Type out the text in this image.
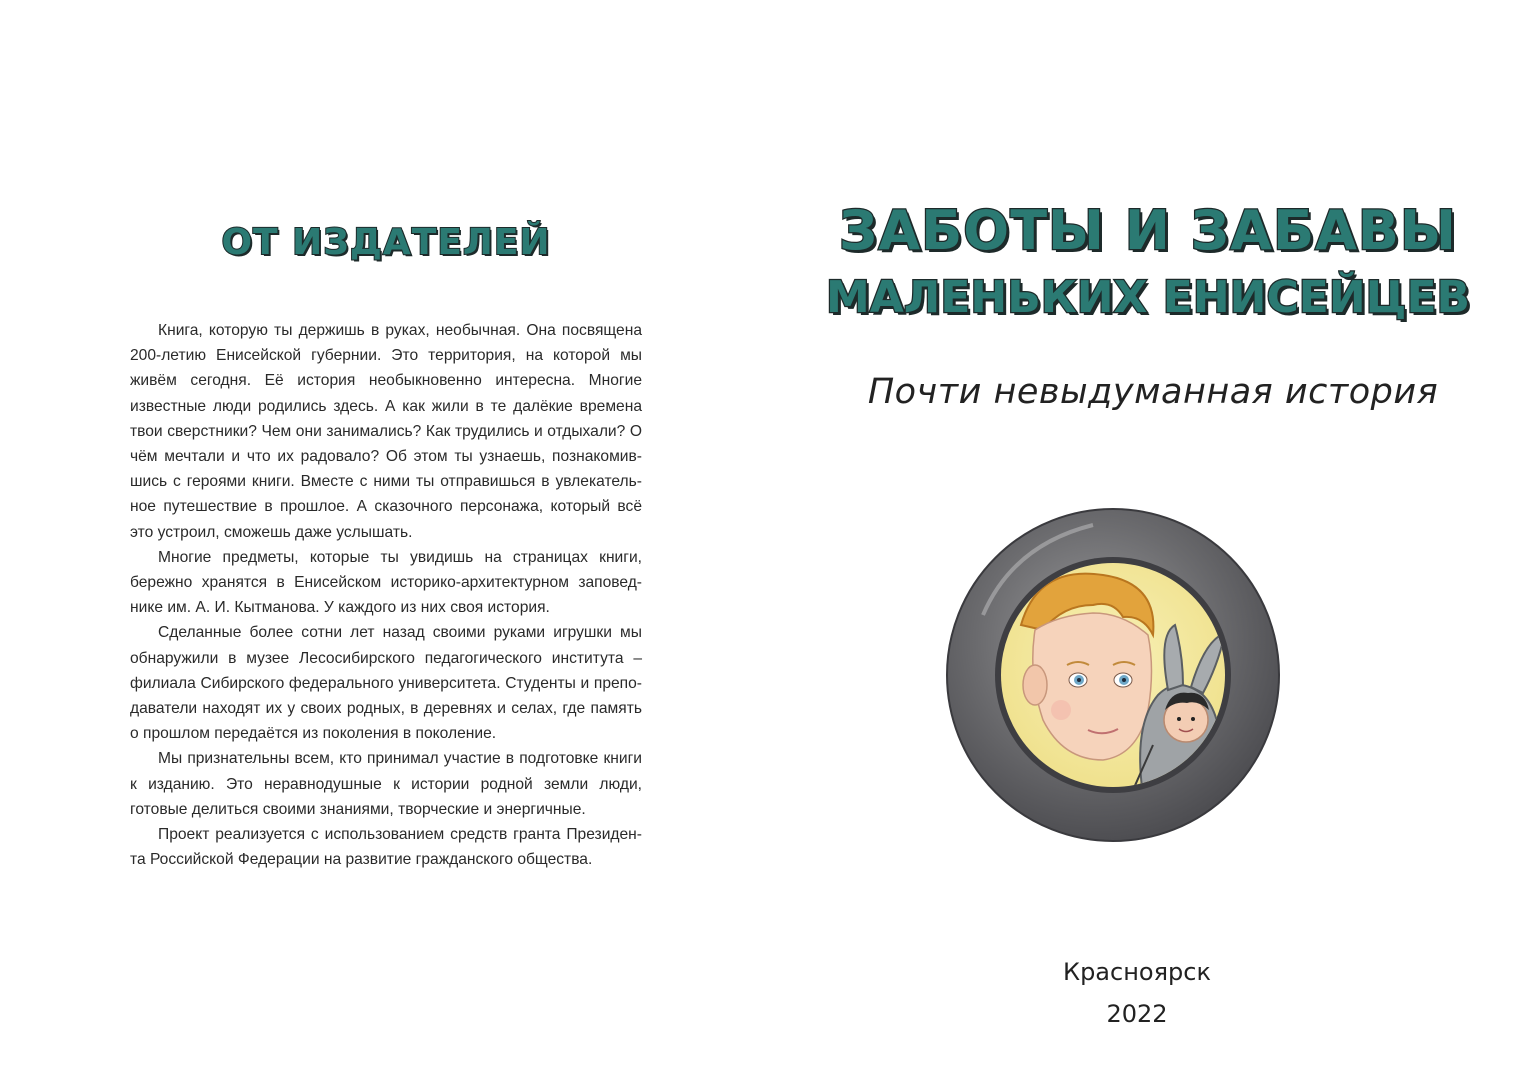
ОТ ИЗДАТЕЛЕЙ

Книга, которую ты держишь в руках, необычная. Она посвящена 200-летию Енисейской губернии. Это территория, на которой мы живём сегодня. Её история необыкновенно интересна. Многие известные люди родились здесь. А как жили в те далёкие времена твои сверстники? Чем они занимались? Как трудились и отдыхали? О чём мечтали и что их радовало? Об этом ты узнаешь, познакомившись с героями книги. Вместе с ними ты отправишься в увлекательное путешествие в прошлое. А сказочного персонажа, который всё это устроил, сможешь даже услышать.

Многие предметы, которые ты увидишь на страницах книги, бережно хранятся в Енисейском историко-архитектурном заповеднике им. А. И. Кытманова. У каждого из них своя история.

Сделанные более сотни лет назад своими руками игрушки мы обнаружили в музее Лесосибирского педагогического института – филиала Сибирского федерального университета. Студенты и преподаватели находят их у своих родных, в деревнях и селах, где память о прошлом передаётся из поколения в поколение.

Мы признательны всем, кто принимал участие в подготовке книги к изданию. Это неравнодушные к истории родной земли люди, готовые делиться своими знаниями, творческие и энергичные.

Проект реализуется с использованием средств гранта Президента Российской Федерации на развитие гражданского общества.

ЗАБОТЫ И ЗАБАВЫ
МАЛЕНЬКИХ ЕНИСЕЙЦЕВ

Почти невыдуманная история

Красноярск

2022
